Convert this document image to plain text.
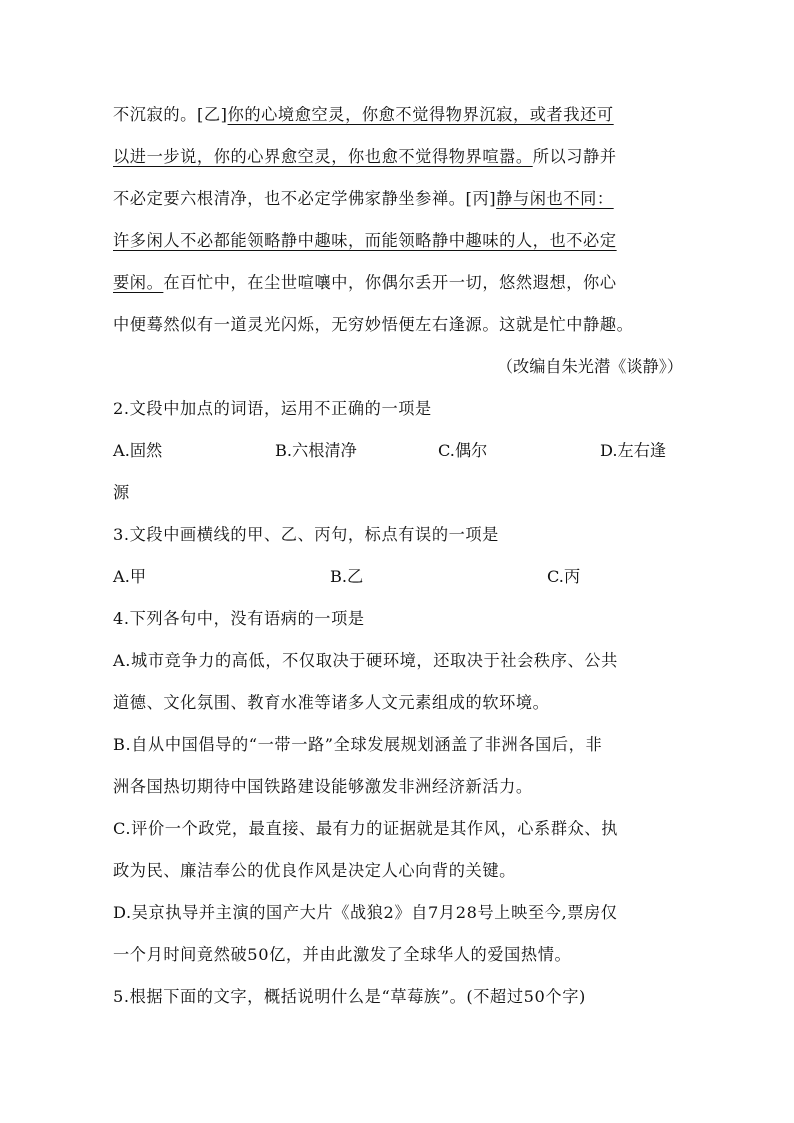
不沉寂的。[乙]你的心境愈空灵，你愈不觉得物界沉寂，或者我还可
以进一步说，你的心界愈空灵，你也愈不觉得物界喧嚣。所以习静并
不必定要六根清净，也不必定学佛家静坐参禅。[丙]静与闲也不同：
许多闲人不必都能领略静中趣味，而能领略静中趣味的人，也不必定
要闲。在百忙中，在尘世喧嚷中，你偶尔丢开一切，悠然遐想，你心
中便蓦然似有一道灵光闪烁，无穷妙悟便左右逢源。这就是忙中静趣。
（改编自朱光潜《谈静》）
2.文段中加点的词语，运用不正确的一项是
A.固然	B.六根清净	C.偶尔	D.左右逢
源
3.文段中画横线的甲、乙、丙句，标点有误的一项是
A.甲	B.乙	C.丙
4.下列各句中，没有语病的一项是
A.城市竞争力的高低，不仅取决于硬环境，还取决于社会秩序、公共
道德、文化氛围、教育水准等诸多人文元素组成的软环境。
B.自从中国倡导的“一带一路”全球发展规划涵盖了非洲各国后，非
洲各国热切期待中国铁路建设能够激发非洲经济新活力。
C.评价一个政党，最直接、最有力的证据就是其作风，心系群众、执
政为民、廉洁奉公的优良作风是决定人心向背的关键。
D.吴京执导并主演的国产大片《战狼2》自7月28号上映至今,票房仅
一个月时间竟然破50亿，并由此激发了全球华人的爱国热情。
5.根据下面的文字，概括说明什么是“草莓族”。(不超过50个字)
